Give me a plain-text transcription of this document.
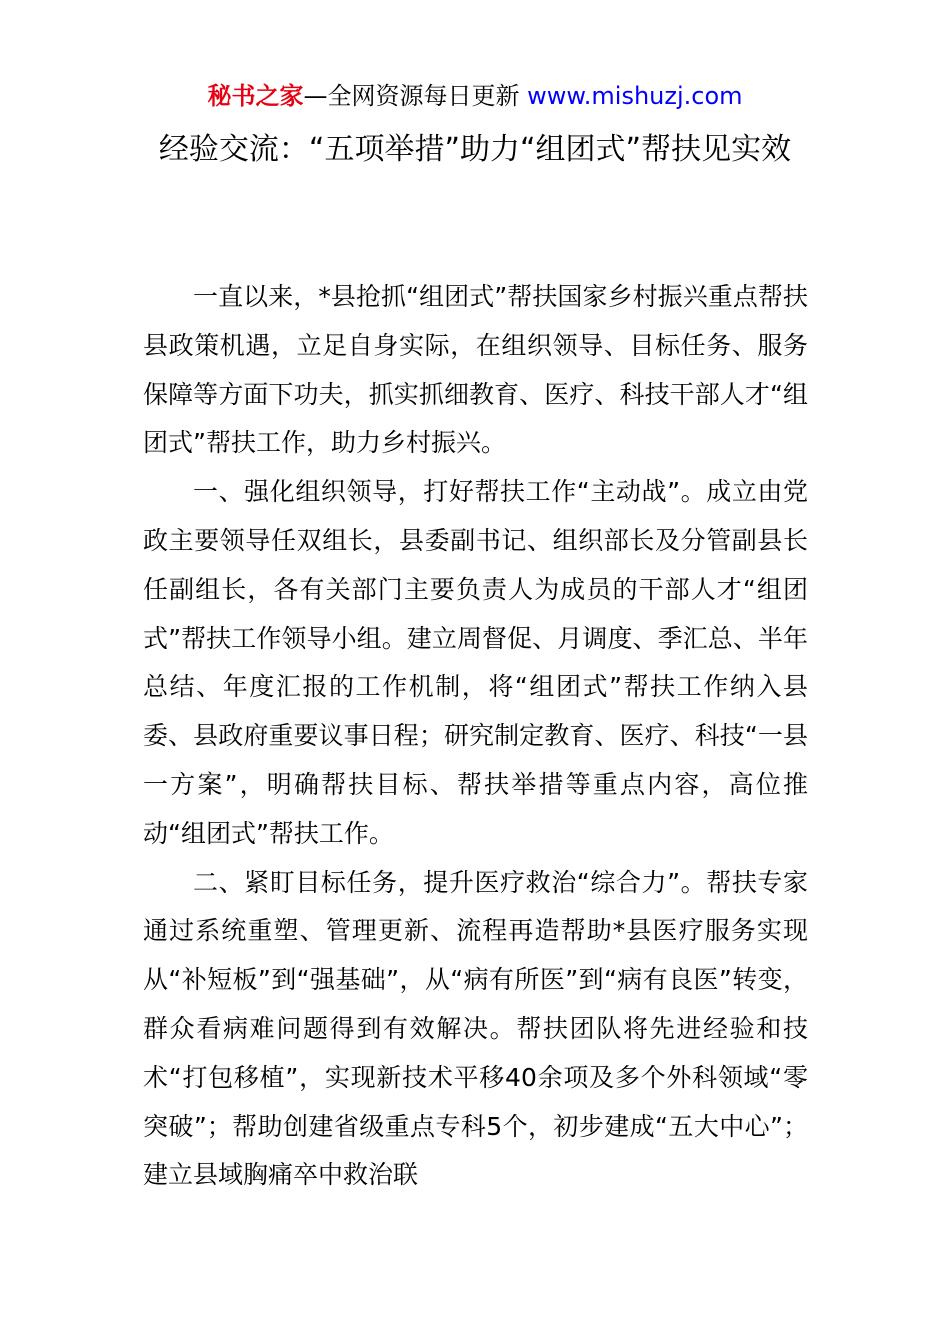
秘书之家—全网资源每日更新 www.mishuzj.com
经验交流：“五项举措”助力“组团式”帮扶见实效

一直以来，*县抢抓“组团式”帮扶国家乡村振兴重点帮扶县政策机遇，立足自身实际，在组织领导、目标任务、服务保障等方面下功夫，抓实抓细教育、医疗、科技干部人才“组团式”帮扶工作，助力乡村振兴。

一、强化组织领导，打好帮扶工作“主动战”。成立由党政主要领导任双组长，县委副书记、组织部长及分管副县长任副组长，各有关部门主要负责人为成员的干部人才“组团式”帮扶工作领导小组。建立周督促、月调度、季汇总、半年总结、年度汇报的工作机制，将“组团式”帮扶工作纳入县委、县政府重要议事日程；研究制定教育、医疗、科技“一县一方案”，明确帮扶目标、帮扶举措等重点内容，高位推动“组团式”帮扶工作。

二、紧盯目标任务，提升医疗救治“综合力”。帮扶专家通过系统重塑、管理更新、流程再造帮助*县医疗服务实现从“补短板”到“强基础”，从“病有所医”到“病有良医”转变，群众看病难问题得到有效解决。帮扶团队将先进经验和技术“打包移植”，实现新技术平移40余项及多个外科领域“零突破”；帮助创建省级重点专科5个，初步建成“五大中心”；建立县域胸痛卒中救治联
